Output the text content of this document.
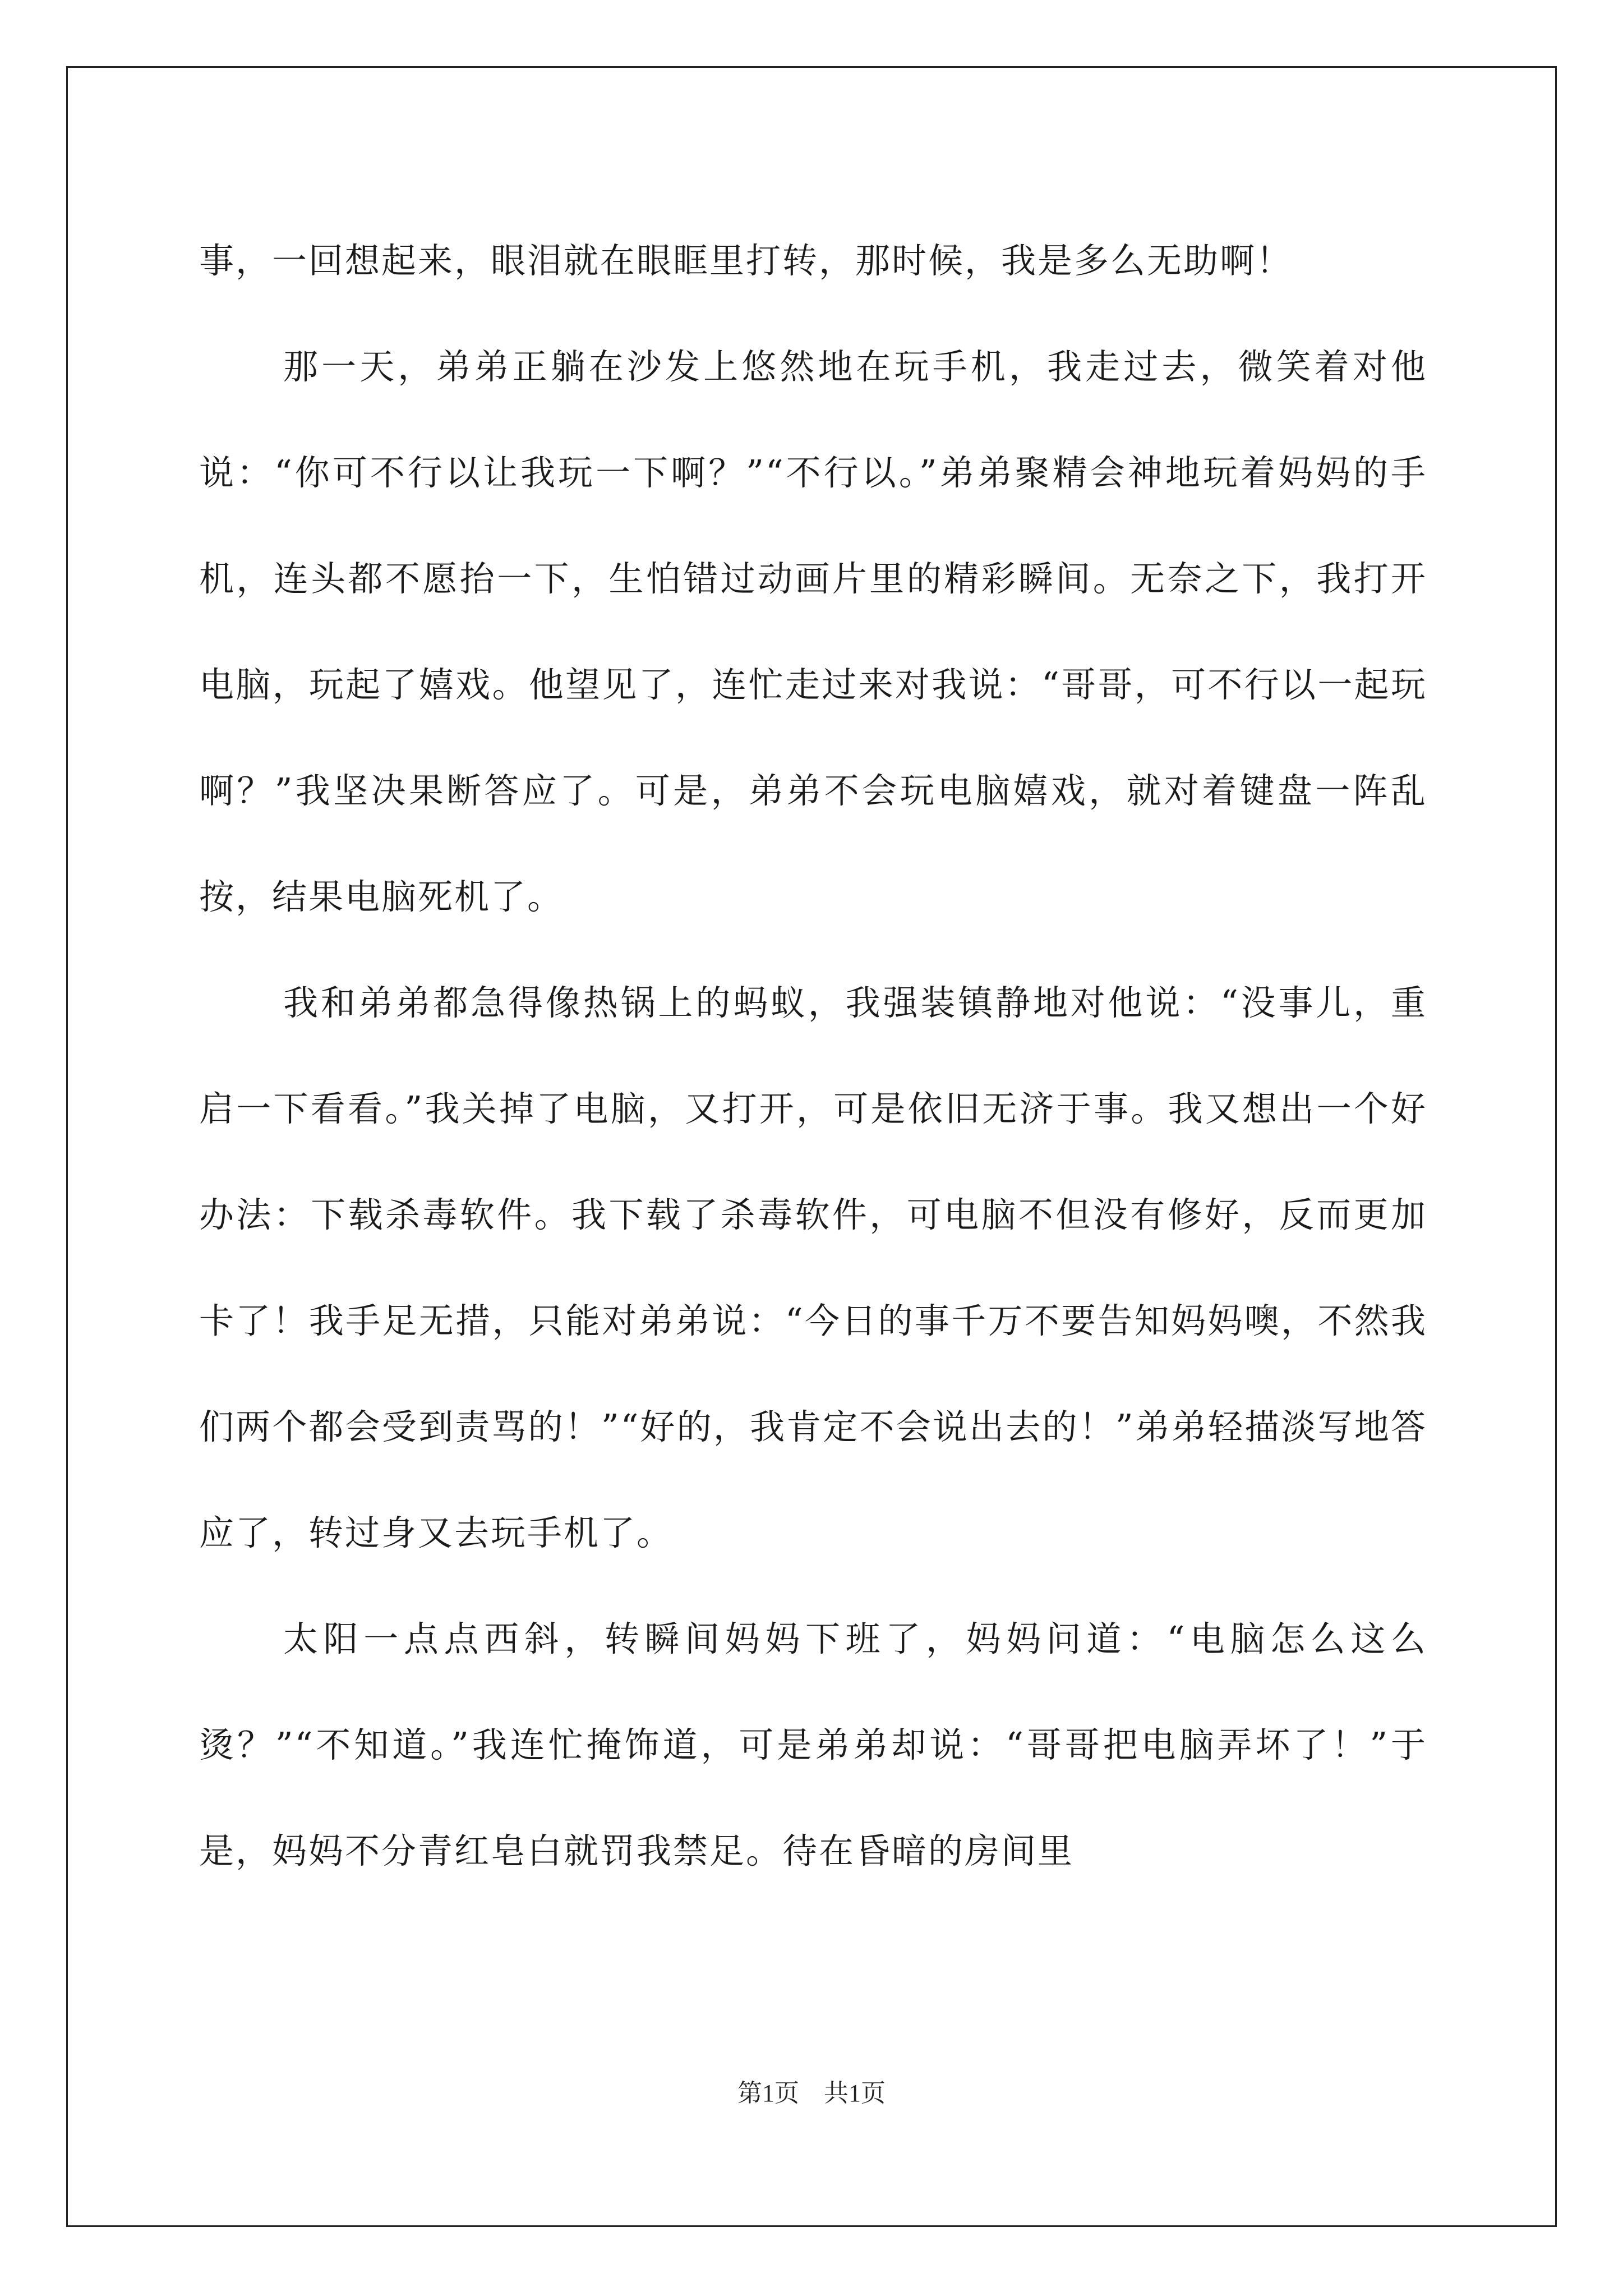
事，一回想起来，眼泪就在眼眶里打转，那时候，我是多么无助啊！

那一天，弟弟正躺在沙发上悠然地在玩手机，我走过去，微笑着对他说：“你可不行以让我玩一下啊？”“不行以。”弟弟聚精会神地玩着妈妈的手机，连头都不愿抬一下，生怕错过动画片里的精彩瞬间。无奈之下，我打开电脑，玩起了嬉戏。他望见了，连忙走过来对我说：“哥哥，可不行以一起玩啊？”我坚决果断答应了。可是，弟弟不会玩电脑嬉戏，就对着键盘一阵乱按，结果电脑死机了。

我和弟弟都急得像热锅上的蚂蚁，我强装镇静地对他说：“没事儿，重启一下看看。”我关掉了电脑，又打开，可是依旧无济于事。我又想出一个好办法：下载杀毒软件。我下载了杀毒软件，可电脑不但没有修好，反而更加卡了！我手足无措，只能对弟弟说：“今日的事千万不要告知妈妈噢，不然我们两个都会受到责骂的！”“好的，我肯定不会说出去的！”弟弟轻描淡写地答应了，转过身又去玩手机了。

太阳一点点西斜，转瞬间妈妈下班了，妈妈问道：“电脑怎么这么烫？”“不知道。”我连忙掩饰道，可是弟弟却说：“哥哥把电脑弄坏了！”于是，妈妈不分青红皂白就罚我禁足。待在昏暗的房间里

第1页 共1页
